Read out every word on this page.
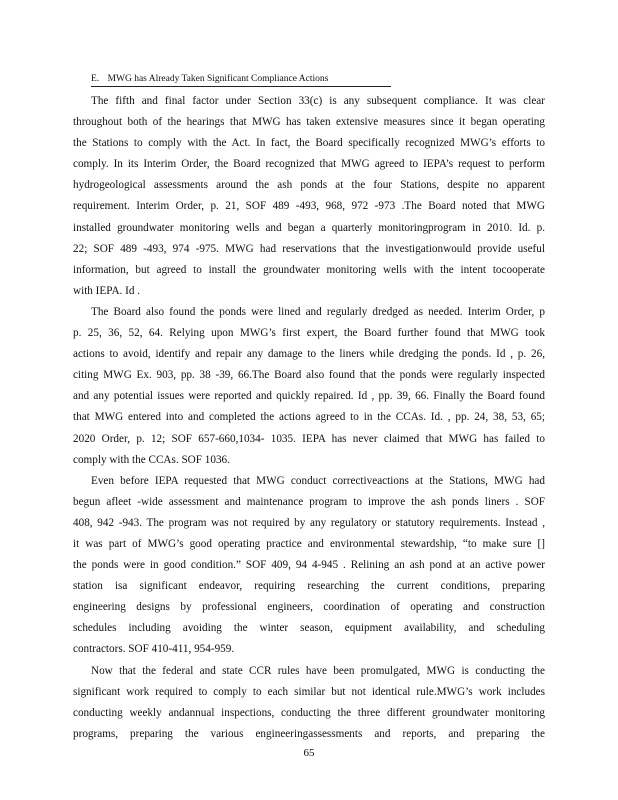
E. MWG has Already Taken Significant Compliance Actions
The fifth and final factor under Section 33(c) is any subsequent compliance. It was clear
throughout both of the hearings that MWG has taken extensive measures since it began operating
the Stations to comply with the Act. In fact, the Board specifically recognized MWG’s efforts to
comply. In its Interim Order, the Board recognized that MWG agreed to IEPA’s request to perform
hydrogeological assessments around the ash ponds at the four Stations, despite no apparent
requirement. Interim Order, p. 21, SOF 489 -493, 968, 972 -973 .The Board noted that MWG
installed groundwater monitoring wells and began a quarterly monitoringprogram in 2010. Id. p.
22; SOF 489 -493, 974 -975. MWG had reservations that the investigationwould provide useful
information, but agreed to install the groundwater monitoring wells with the intent tocooperate
with IEPA. Id .
The Board also found the ponds were lined and regularly dredged as needed. Interim Order, p
p. 25, 36, 52, 64. Relying upon MWG’s first expert, the Board further found that MWG took
actions to avoid, identify and repair any damage to the liners while dredging the ponds. Id , p. 26,
citing MWG Ex. 903, pp. 38 -39, 66.The Board also found that the ponds were regularly inspected
and any potential issues were reported and quickly repaired. Id , pp. 39, 66. Finally the Board found
that MWG entered into and completed the actions agreed to in the CCAs. Id. , pp. 24, 38, 53, 65;
2020 Order, p. 12; SOF 657-660,1034- 1035. IEPA has never claimed that MWG has failed to
comply with the CCAs. SOF 1036.
Even before IEPA requested that MWG conduct correctiveactions at the Stations, MWG had
begun afleet -wide assessment and maintenance program to improve the ash ponds liners . SOF
408, 942 -943. The program was not required by any regulatory or statutory requirements. Instead ,
it was part of MWG’s good operating practice and environmental stewardship, “to make sure []
the ponds were in good condition.” SOF 409, 94 4-945 . Relining an ash pond at an active power
station isa significant endeavor, requiring researching the current conditions, preparing
engineering designs by professional engineers, coordination of operating and construction
schedules including avoiding the winter season, equipment availability, and scheduling
contractors. SOF 410-411, 954-959.
Now that the federal and state CCR rules have been promulgated, MWG is conducting the
significant work required to comply to each similar but not identical rule.MWG’s work includes
conducting weekly andannual inspections, conducting the three different groundwater monitoring
programs, preparing the various engineeringassessments and reports, and preparing the
65
